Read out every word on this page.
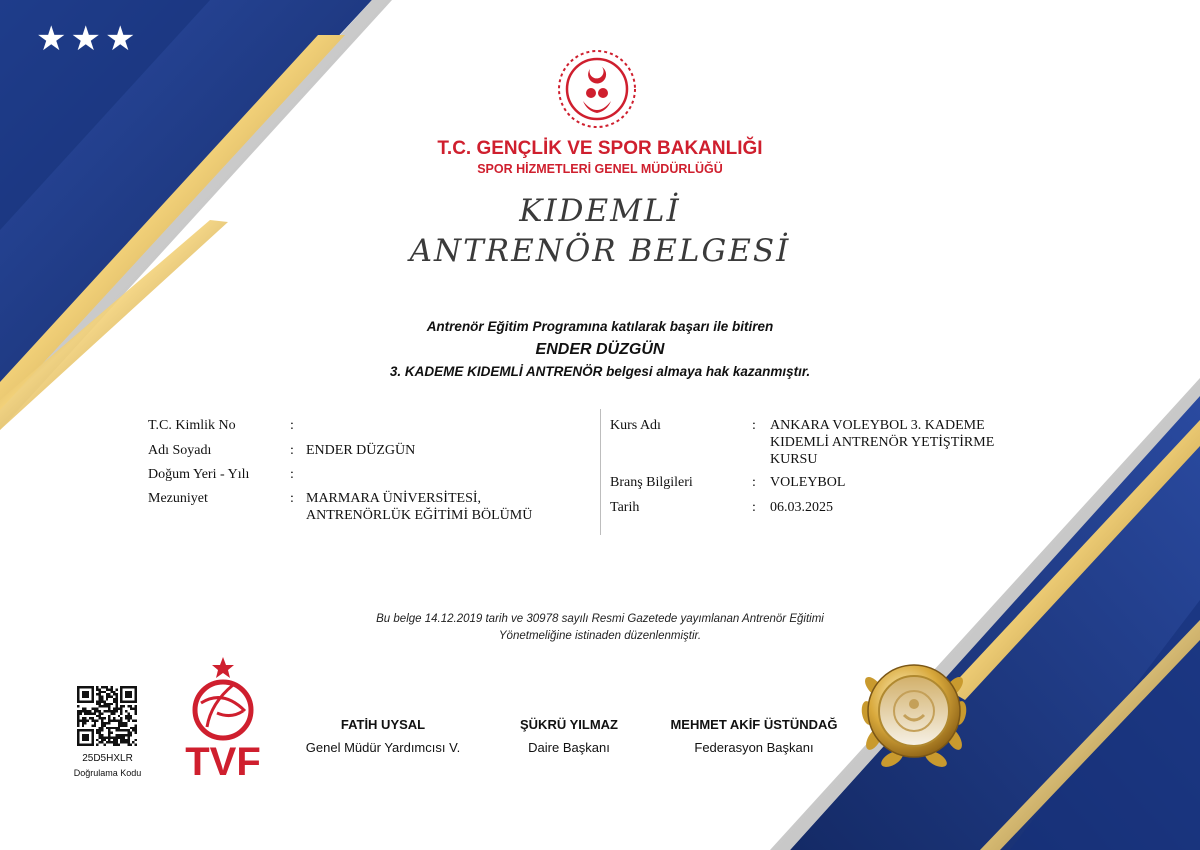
★★★
T.C. GENÇLİK VE SPOR BAKANLIĞI
SPOR HİZMETLERİ GENEL MÜDÜRLÜĞÜ
KIDEMLİ
ANTRENÖR BELGESİ
Antrenör Eğitim Programına katılarak başarı ile bitiren
ENDER DÜZGÜN
3. KADEME KIDEMLİ ANTRENÖR belgesi almaya hak kazanmıştır.
T.C. Kimlik No	:
Adı Soyadı	: ENDER DÜZGÜN
Doğum Yeri - Yılı	:
Mezuniyet	: MARMARA ÜNİVERSİTESİ,
ANTRENÖRLÜK EĞİTİMİ BÖLÜMÜ
Kurs Adı	: ANKARA VOLEYBOL 3. KADEME
KIDEMLİ ANTRENÖR YETİŞTİRME
KURSU
Branş Bilgileri	: VOLEYBOL
Tarih	: 06.03.2025
Bu belge 14.12.2019 tarih ve 30978 sayılı Resmi Gazetede yayımlanan Antrenör Eğitimi
Yönetmeliğine istinaden düzenlenmiştir.
25D5HXLR
Doğrulama Kodu	TVF
FATİH UYSAL
Genel Müdür Yardımcısı V.
ŞÜKRÜ YILMAZ
Daire Başkanı
MEHMET AKİF ÜSTÜNDAĞ
Federasyon Başkanı
